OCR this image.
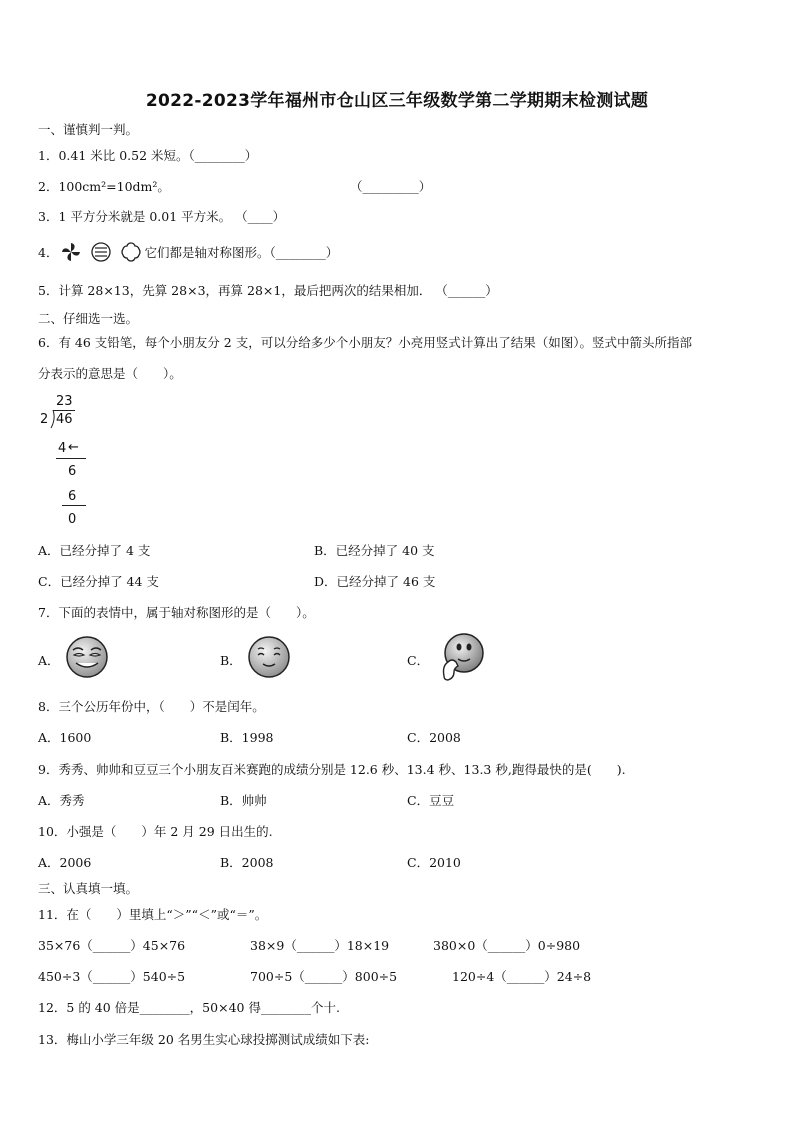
2022-2023学年福州市仓山区三年级数学第二学期期末检测试题
一、谨慎判一判。
1．0.41 米比 0.52 米短。（________）
2．100cm²=10dm²。	（_________）
3．1 平方分米就是 0.01 平方米。 （____）
4．	它们都是轴对称图形。（________）
5．计算 28×13，先算 28×3，再算 28×1，最后把两次的结果相加． （______）
二、仔细选一选。
6．有 46 支铅笔，每个小朋友分 2 支，可以分给多少个小朋友？小亮用竖式计算出了结果（如图）。竖式中箭头所指部
分表示的意思是（　　）。
23
2 46
4 ←
6
6
0
A．已经分掉了 4 支	B．已经分掉了 40 支
C．已经分掉了 44 支	D．已经分掉了 46 支
7．下面的表情中，属于轴对称图形的是（　　）。
A．	B．	C．
8．三个公历年份中，（　　）不是闰年。
A．1600	B．1998	C．2008
9．秀秀、帅帅和豆豆三个小朋友百米赛跑的成绩分别是 12.6 秒、13.4 秒、13.3 秒,跑得最快的是(　　).
A．秀秀	B．帅帅	C．豆豆
10．小强是（　　）年 2 月 29 日出生的.
A．2006	B．2008	C．2010
三、认真填一填。
11．在（　　）里填上“＞”“＜”或“＝”。
35×76（______）45×76	38×9（______）18×19	380×0（______）0÷980
450÷3（______）540÷5	700÷5（______）800÷5	120÷4（______）24÷8
12．5 的 40 倍是________，50×40 得________个十.
13．梅山小学三年级 20 名男生实心球投掷测试成绩如下表:
